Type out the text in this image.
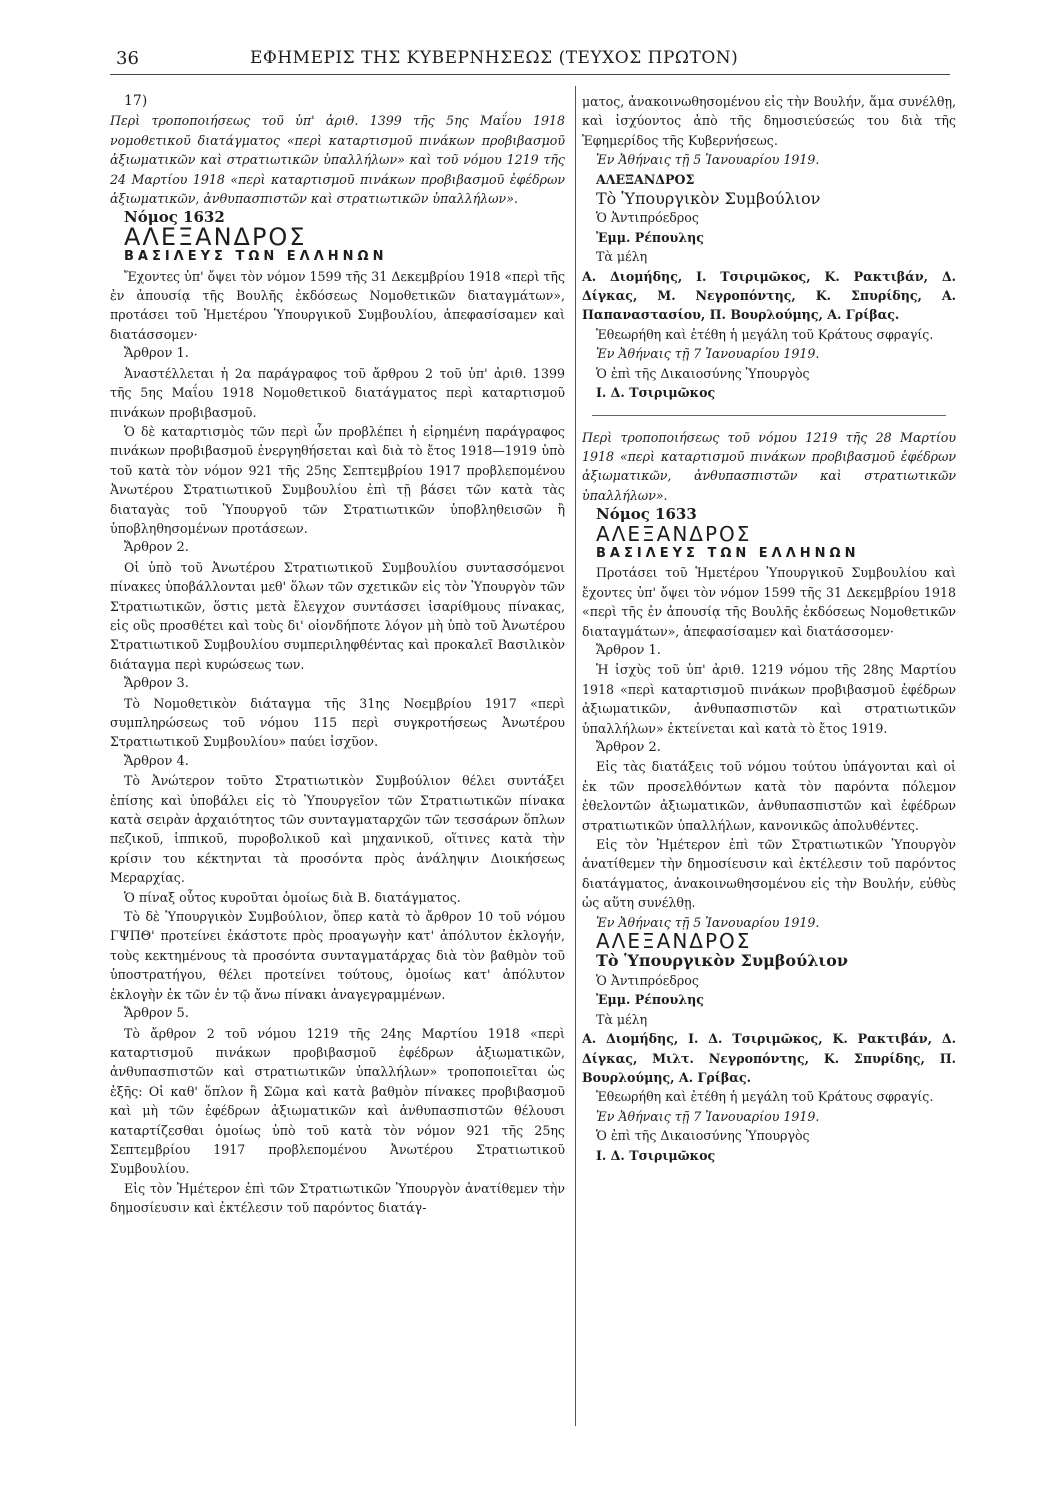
36	ΕΦΗΜΕΡΙΣ ΤΗΣ ΚΥΒΕΡΝΗΣΕΩΣ (ΤΕΥΧΟΣ ΠΡΩΤΟΝ)

17)

Περὶ τροποποιήσεως τοῦ ὑπ' ἀριθ. 1399 τῆς 5ης Μαΐου 1918 νομοθετικοῦ διατάγματος «περὶ καταρτισμοῦ πινάκων προβιβασμοῦ ἀξιωματικῶν καὶ στρατιωτικῶν ὑπαλλήλων» καὶ τοῦ νόμου 1219 τῆς 24 Μαρτίου 1918 «περὶ καταρτισμοῦ πινάκων προβιβασμοῦ ἐφέδρων ἀξιωματικῶν, ἀνθυπασπιστῶν καὶ στρατιωτικῶν ὑπαλλήλων».

Νόμος 1632

ΑΛΕΞΑΝΔΡΟΣ

ΒΑΣΙΛΕΥΣ ΤΩΝ ΕΛΛΗΝΩΝ

Ἔχοντες ὑπ' ὄψει τὸν νόμον 1599 τῆς 31 Δεκεμβρίου 1918 «περὶ τῆς ἐν ἀπουσίᾳ τῆς Βουλῆς ἐκδόσεως Νομοθετικῶν διαταγμάτων», προτάσει τοῦ Ἡμετέρου Ὑπουργικοῦ Συμβουλίου, ἀπεφασίσαμεν καὶ διατάσσομεν·

Ἄρθρον 1.

Ἀναστέλλεται ἡ 2α παράγραφος τοῦ ἄρθρου 2 τοῦ ὑπ' ἀριθ. 1399 τῆς 5ης Μαΐου 1918 Νομοθετικοῦ διατάγματος περὶ καταρτισμοῦ πινάκων προβιβασμοῦ.

Ὁ δὲ καταρτισμὸς τῶν περὶ ὧν προβλέπει ἡ εἰρημένη παράγραφος πινάκων προβιβασμοῦ ἐνεργηθήσεται καὶ διὰ τὸ ἔτος 1918—1919 ὑπὸ τοῦ κατὰ τὸν νόμον 921 τῆς 25ης Σεπτεμβρίου 1917 προβλεπομένου Ἀνωτέρου Στρατιωτικοῦ Συμβουλίου ἐπὶ τῇ βάσει τῶν κατὰ τὰς διαταγὰς τοῦ Ὑπουργοῦ τῶν Στρατιωτικῶν ὑποβληθεισῶν ἢ ὑποβληθησομένων προτάσεων.

Ἄρθρον 2.

Οἱ ὑπὸ τοῦ Ἀνωτέρου Στρατιωτικοῦ Συμβουλίου συντασσόμενοι πίνακες ὑποβάλλονται μεθ' ὅλων τῶν σχετικῶν εἰς τὸν Ὑπουργὸν τῶν Στρατιωτικῶν, ὅστις μετὰ ἔλεγχον συντάσσει ἰσαρίθμους πίνακας, εἰς οὓς προσθέτει καὶ τοὺς δι' οἱονδήποτε λόγον μὴ ὑπὸ τοῦ Ἀνωτέρου Στρατιωτικοῦ Συμβουλίου συμπεριληφθέντας καὶ προκαλεῖ Βασιλικὸν διάταγμα περὶ κυρώσεως των.

Ἄρθρον 3.

Τὸ Νομοθετικὸν διάταγμα τῆς 31ης Νοεμβρίου 1917 «περὶ συμπληρώσεως τοῦ νόμου 115 περὶ συγκροτήσεως Ἀνωτέρου Στρατιωτικοῦ Συμβουλίου» παύει ἰσχῦον.

Ἄρθρον 4.

Τὸ Ἀνώτερον τοῦτο Στρατιωτικὸν Συμβούλιον θέλει συντάξει ἐπίσης καὶ ὑποβάλει εἰς τὸ Ὑπουργεῖον τῶν Στρατιωτικῶν πίνακα κατὰ σειρὰν ἀρχαιότητος τῶν συνταγματαρχῶν τῶν τεσσάρων ὅπλων πεζικοῦ, ἱππικοῦ, πυροβολικοῦ καὶ μηχανικοῦ, οἵτινες κατὰ τὴν κρίσιν του κέκτηνται τὰ προσόντα πρὸς ἀνάληψιν Διοικήσεως Μεραρχίας.

Ὁ πίναξ οὗτος κυροῦται ὁμοίως διὰ Β. διατάγματος.

Τὸ δὲ Ὑπουργικὸν Συμβούλιον, ὅπερ κατὰ τὸ ἄρθρον 10 τοῦ νόμου ΓΨΠΘ' προτείνει ἑκάστοτε πρὸς προαγωγὴν κατ' ἀπόλυτον ἐκλογήν, τοὺς κεκτημένους τὰ προσόντα συνταγματάρχας διὰ τὸν βαθμὸν τοῦ ὑποστρατήγου, θέλει προτείνει τούτους, ὁμοίως κατ' ἀπόλυτον ἐκλογὴν ἐκ τῶν ἐν τῷ ἄνω πίνακι ἀναγεγραμμένων.

Ἄρθρον 5.

Τὸ ἄρθρον 2 τοῦ νόμου 1219 τῆς 24ης Μαρτίου 1918 «περὶ καταρτισμοῦ πινάκων προβιβασμοῦ ἐφέδρων ἀξιωματικῶν, ἀνθυπασπιστῶν καὶ στρατιωτικῶν ὑπαλλήλων» τροποποιεῖται ὡς ἑξῆς: Οἱ καθ' ὅπλον ἢ Σῶμα καὶ κατὰ βαθμὸν πίνακες προβιβασμοῦ καὶ μὴ τῶν ἐφέδρων ἀξιωματικῶν καὶ ἀνθυπασπιστῶν θέλουσι καταρτίζεσθαι ὁμοίως ὑπὸ τοῦ κατὰ τὸν νόμον 921 τῆς 25ης Σεπτεμβρίου 1917 προβλεπομένου Ἀνωτέρου Στρατιωτικοῦ Συμβουλίου.

Εἰς τὸν Ἡμέτερον ἐπὶ τῶν Στρατιωτικῶν Ὑπουργὸν ἀνατίθεμεν τὴν δημοσίευσιν καὶ ἐκτέλεσιν τοῦ παρόντος διατάγ-

ματος, ἀνακοινωθησομένου εἰς τὴν Βουλήν, ἅμα συνέλθῃ, καὶ ἰσχύοντος ἀπὸ τῆς δημοσιεύσεώς του διὰ τῆς Ἐφημερίδος τῆς Κυβερνήσεως.

Ἐν Ἀθήναις τῇ 5 Ἰανουαρίου 1919.

ΑΛΕΞΑΝΔΡΟΣ

Τὸ Ὑπουργικὸν Συμβούλιον

Ὁ Ἀντιπρόεδρος

Ἐμμ. Ρέπουλης

Τὰ μέλη

Α. Διομήδης, Ι. Τσιριμῶκος, Κ. Ρακτιβάν, Δ. Δίγκας, Μ. Νεγροπόντης, Κ. Σπυρίδης, Α. Παπαναστασίου, Π. Βουρλούμης, Α. Γρίβας.

Ἐθεωρήθη καὶ ἐτέθη ἡ μεγάλη τοῦ Κράτους σφραγίς.

Ἐν Ἀθήναις τῇ 7 Ἰανουαρίου 1919.

Ὁ ἐπὶ τῆς Δικαιοσύνης Ὑπουργὸς

Ι. Δ. Τσιριμῶκος

Περὶ τροποποιήσεως τοῦ νόμου 1219 τῆς 28 Μαρτίου 1918 «περὶ καταρτισμοῦ πινάκων προβιβασμοῦ ἐφέδρων ἀξιωματικῶν, ἀνθυπασπιστῶν καὶ στρατιωτικῶν ὑπαλλήλων».

Νόμος 1633

ΑΛΕΞΑΝΔΡΟΣ

ΒΑΣΙΛΕΥΣ ΤΩΝ ΕΛΛΗΝΩΝ

Προτάσει τοῦ Ἡμετέρου Ὑπουργικοῦ Συμβουλίου καὶ ἔχοντες ὑπ' ὄψει τὸν νόμον 1599 τῆς 31 Δεκεμβρίου 1918 «περὶ τῆς ἐν ἀπουσίᾳ τῆς Βουλῆς ἐκδόσεως Νομοθετικῶν διαταγμάτων», ἀπεφασίσαμεν καὶ διατάσσομεν·

Ἄρθρον 1.

Ἡ ἰσχὺς τοῦ ὑπ' ἀριθ. 1219 νόμου τῆς 28ης Μαρτίου 1918 «περὶ καταρτισμοῦ πινάκων προβιβασμοῦ ἐφέδρων ἀξιωματικῶν, ἀνθυπασπιστῶν καὶ στρατιωτικῶν ὑπαλλήλων» ἐκτείνεται καὶ κατὰ τὸ ἔτος 1919.

Ἄρθρον 2.

Εἰς τὰς διατάξεις τοῦ νόμου τούτου ὑπάγονται καὶ οἱ ἐκ τῶν προσελθόντων κατὰ τὸν παρόντα πόλεμον ἐθελοντῶν ἀξιωματικῶν, ἀνθυπασπιστῶν καὶ ἐφέδρων στρατιωτικῶν ὑπαλλήλων, κανονικῶς ἀπολυθέντες.

Εἰς τὸν Ἡμέτερον ἐπὶ τῶν Στρατιωτικῶν Ὑπουργὸν ἀνατίθεμεν τὴν δημοσίευσιν καὶ ἐκτέλεσιν τοῦ παρόντος διατάγματος, ἀνακοινωθησομένου εἰς τὴν Βουλήν, εὐθὺς ὡς αὕτη συνέλθῃ.

Ἐν Ἀθήναις τῇ 5 Ἰανουαρίου 1919.

ΑΛΕΞΑΝΔΡΟΣ

Τὸ Ὑπουργικὸν Συμβούλιον

Ὁ Ἀντιπρόεδρος

Ἐμμ. Ρέπουλης

Τὰ μέλη

Α. Διομήδης, Ι. Δ. Τσιριμῶκος, Κ. Ρακτιβάν, Δ. Δίγκας, Μιλτ. Νεγροπόντης, Κ. Σπυρίδης, Π. Βουρλούμης, Α. Γρίβας.

Ἐθεωρήθη καὶ ἐτέθη ἡ μεγάλη τοῦ Κράτους σφραγίς.

Ἐν Ἀθήναις τῇ 7 Ἰανουαρίου 1919.

Ὁ ἐπὶ τῆς Δικαιοσύνης Ὑπουργὸς

Ι. Δ. Τσιριμῶκος
